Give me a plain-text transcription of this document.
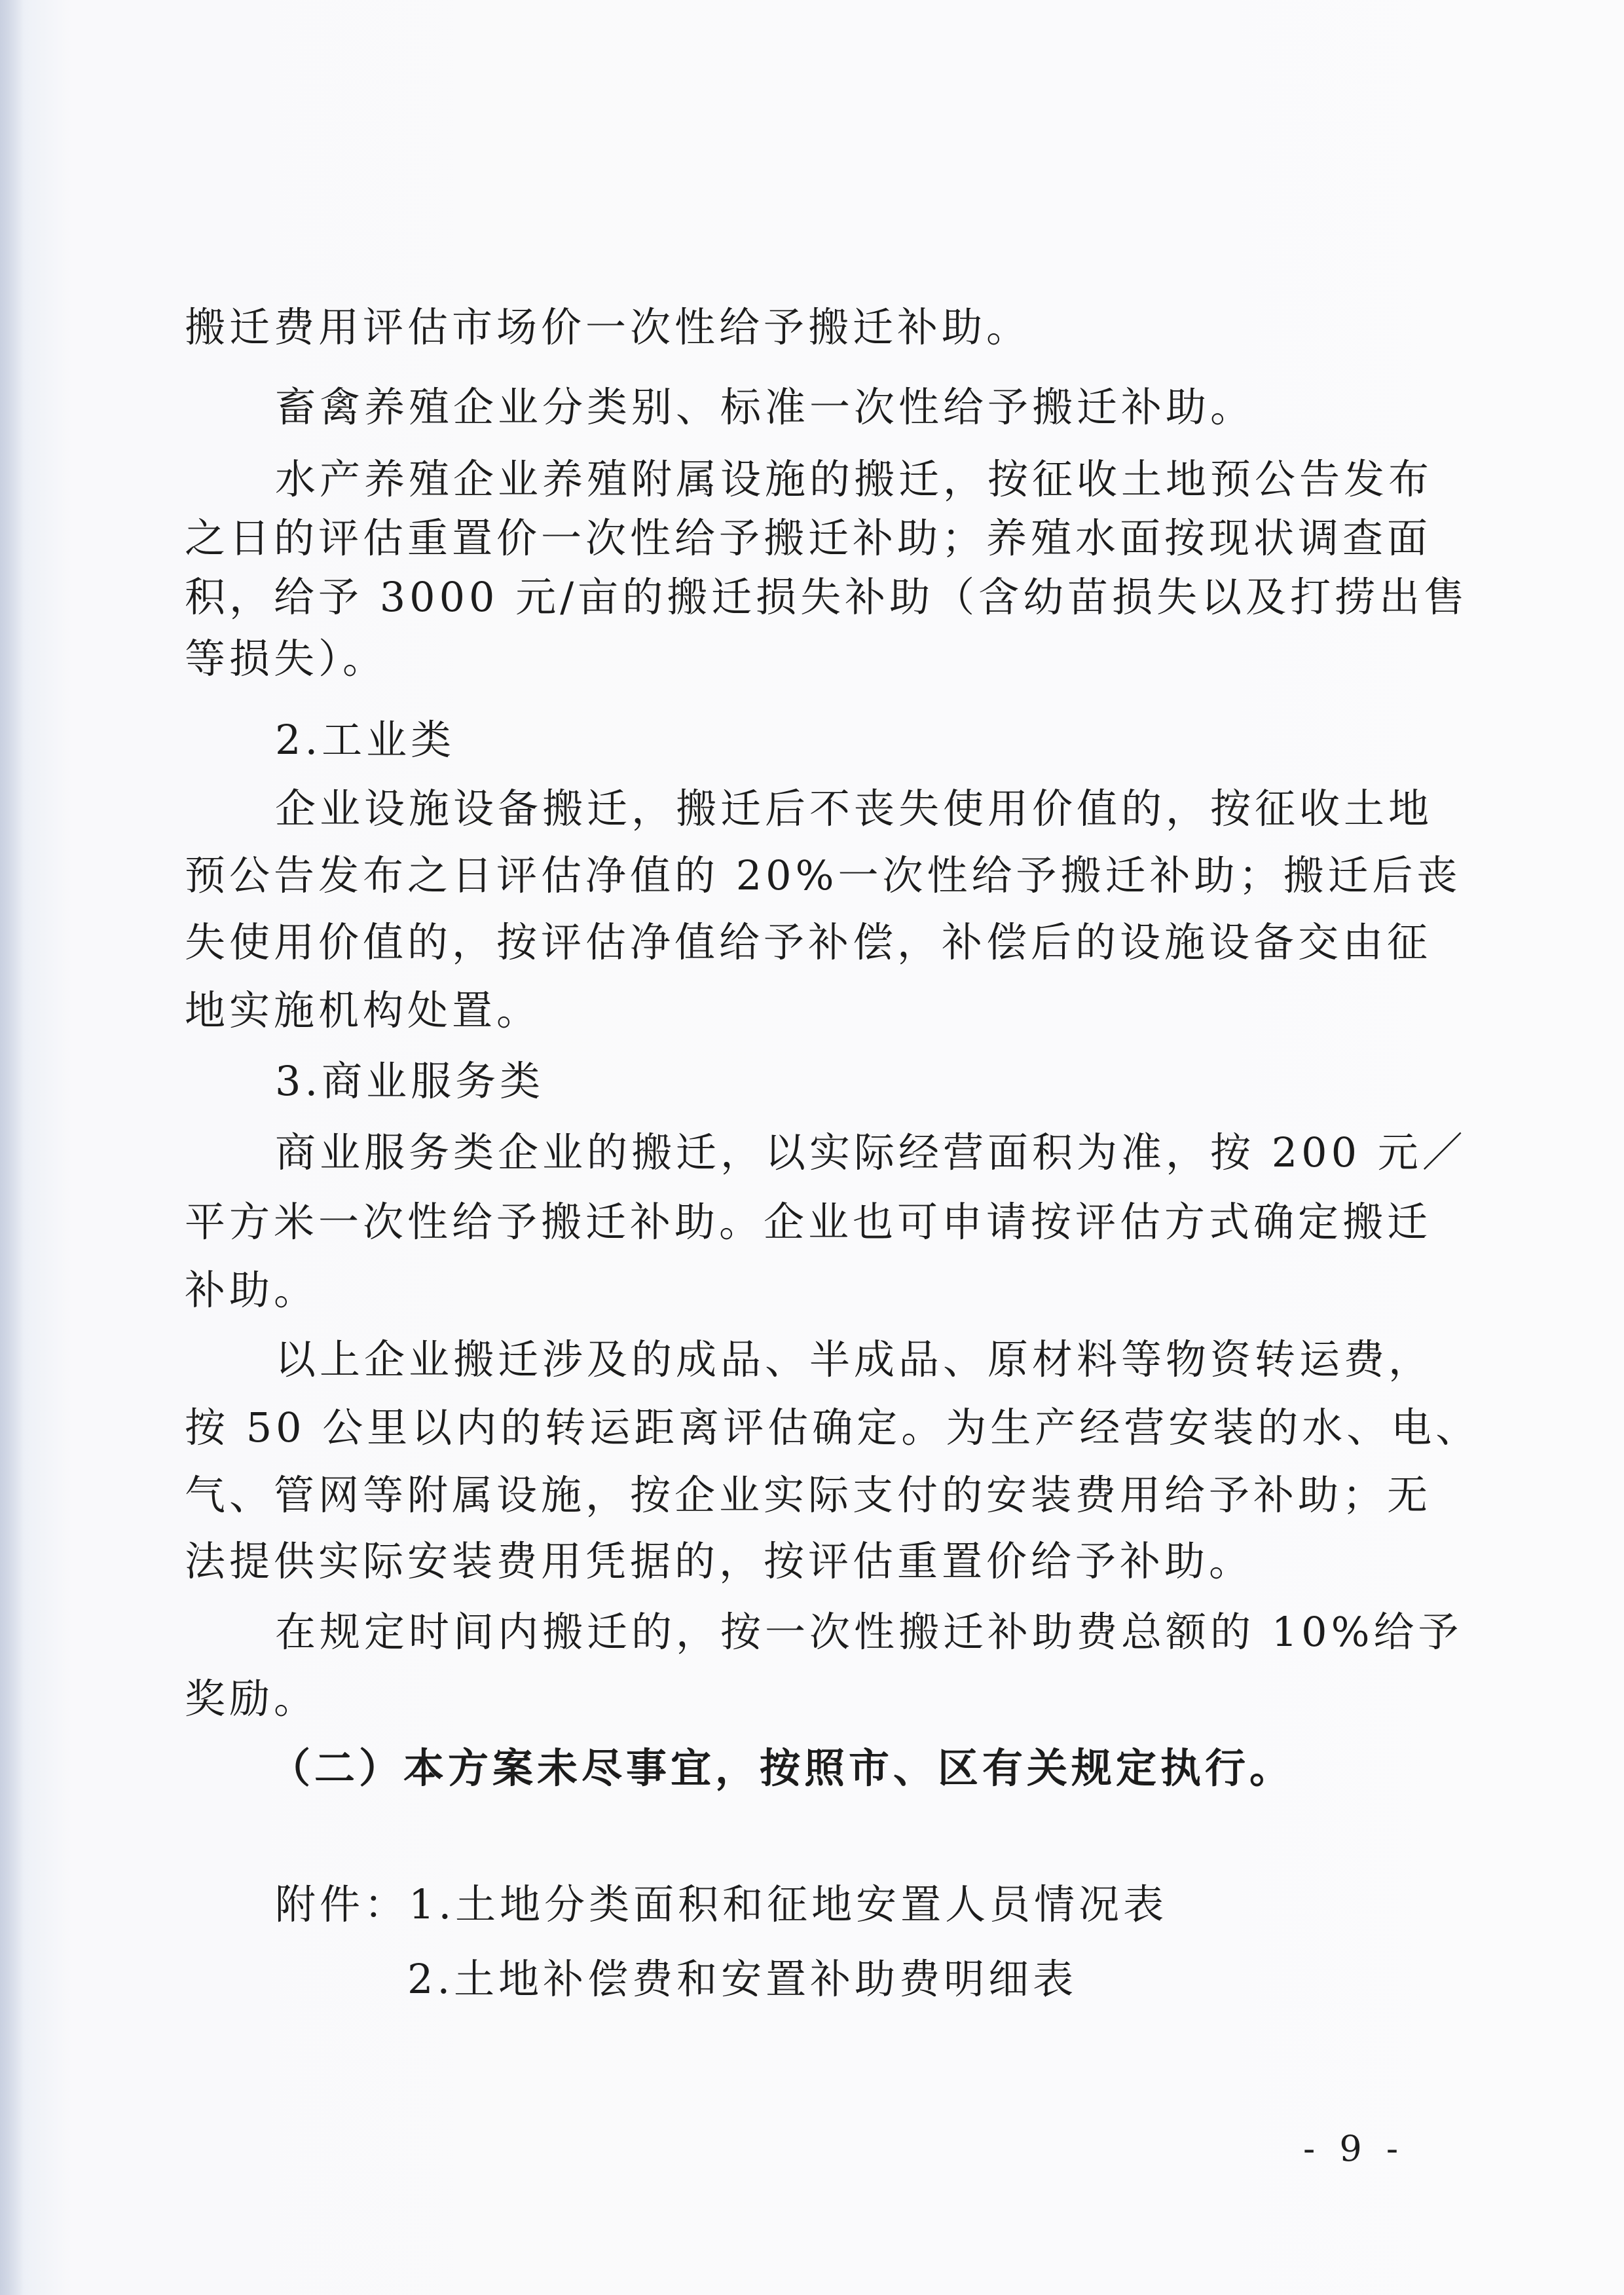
搬迁费用评估市场价一次性给予搬迁补助。
畜禽养殖企业分类别、标准一次性给予搬迁补助。
水产养殖企业养殖附属设施的搬迁，按征收土地预公告发布
之日的评估重置价一次性给予搬迁补助；养殖水面按现状调查面
积，给予 3000 元/亩的搬迁损失补助（含幼苗损失以及打捞出售
等损失）。
2.工业类
企业设施设备搬迁，搬迁后不丧失使用价值的，按征收土地
预公告发布之日评估净值的 20%一次性给予搬迁补助；搬迁后丧
失使用价值的，按评估净值给予补偿，补偿后的设施设备交由征
地实施机构处置。
3.商业服务类
商业服务类企业的搬迁，以实际经营面积为准，按 200 元／
平方米一次性给予搬迁补助。企业也可申请按评估方式确定搬迁
补助。
以上企业搬迁涉及的成品、半成品、原材料等物资转运费，
按 50 公里以内的转运距离评估确定。为生产经营安装的水、电、
气、管网等附属设施，按企业实际支付的安装费用给予补助；无
法提供实际安装费用凭据的，按评估重置价给予补助。
在规定时间内搬迁的，按一次性搬迁补助费总额的 10%给予
奖励。
（二）本方案未尽事宜，按照市、区有关规定执行。
附件：1.土地分类面积和征地安置人员情况表
2.土地补偿费和安置补助费明细表
- 9 -
